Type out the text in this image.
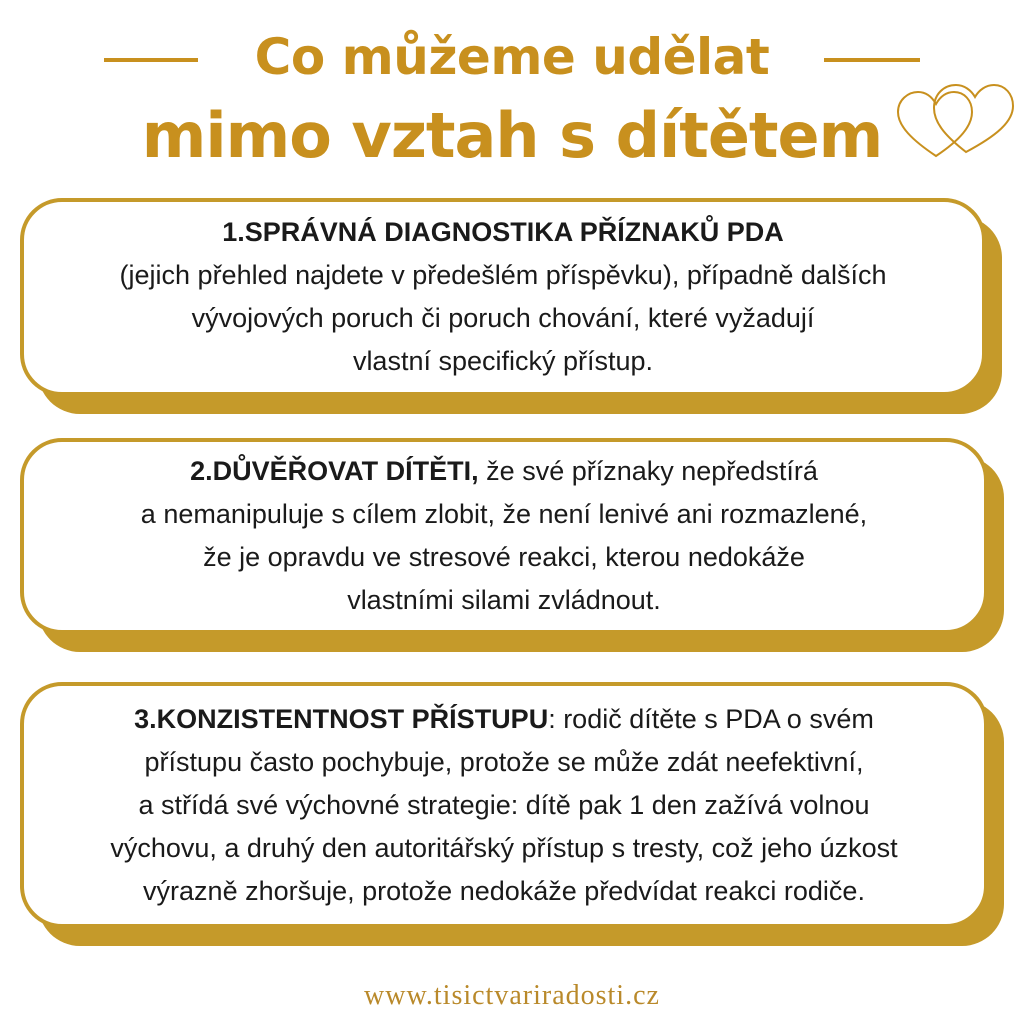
Co můžeme udělat
mimo vztah s dítětem
1.SPRÁVNÁ DIAGNOSTIKA PŘÍZNAKŮ PDA
(jejich přehled najdete v předešlém příspěvku), případně dalších
vývojových poruch či poruch chování, které vyžadují
vlastní specifický přístup.
2.DŮVĚŘOVAT DÍTĚTI, že své příznaky nepředstírá
a nemanipuluje s cílem zlobit, že není lenivé ani rozmazlené,
že je opravdu ve stresové reakci, kterou nedokáže
vlastními silami zvládnout.
3.KONZISTENTNOST PŘÍSTUPU: rodič dítěte s PDA o svém
přístupu často pochybuje, protože se může zdát neefektivní,
a střídá své výchovné strategie: dítě pak 1 den zažívá volnou
výchovu, a druhý den autoritářský přístup s tresty, což jeho úzkost
výrazně zhoršuje, protože nedokáže předvídat reakci rodiče.
www.tisictvariradosti.cz
